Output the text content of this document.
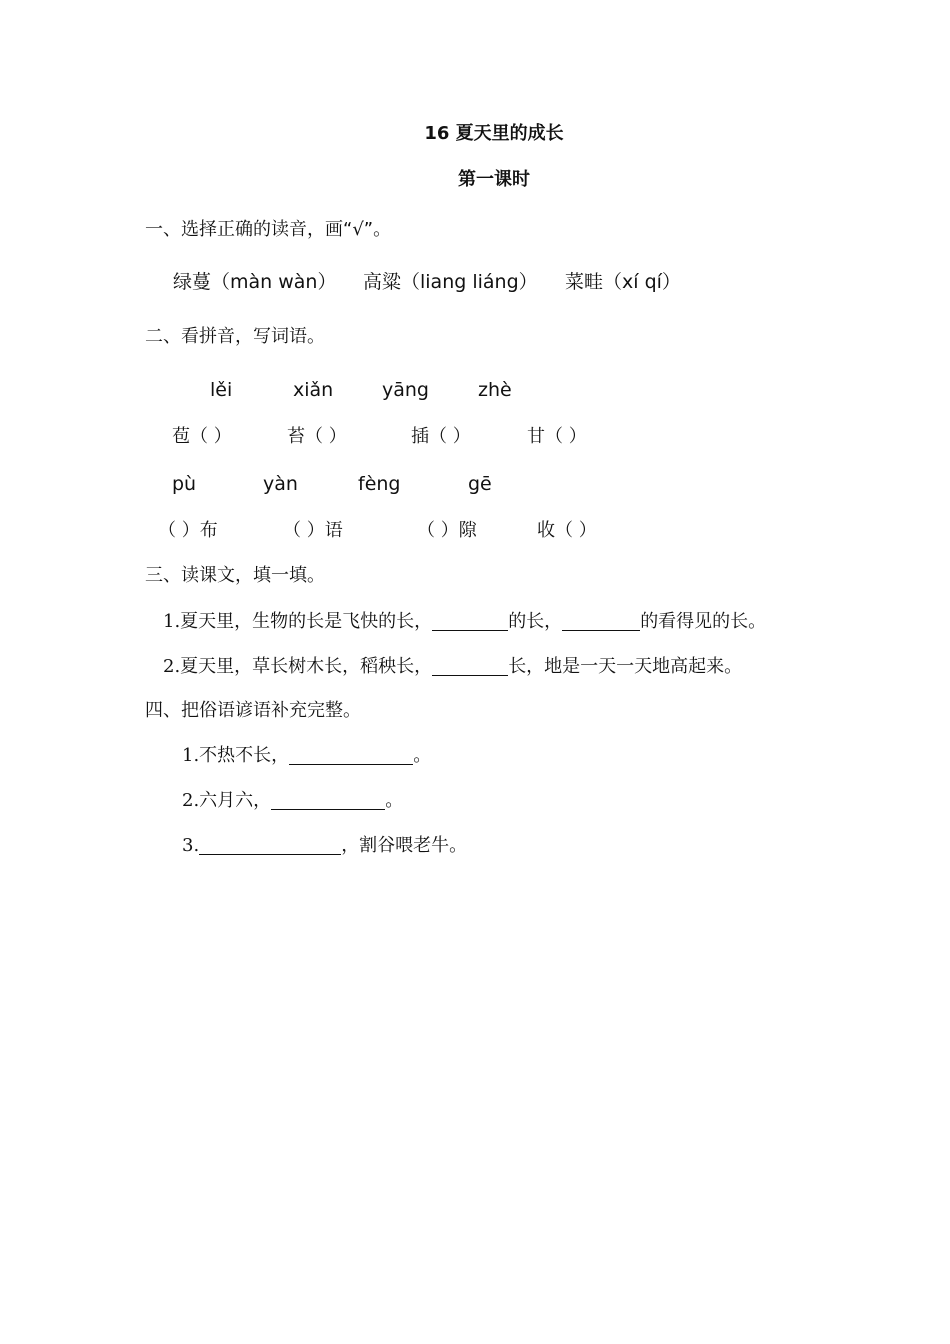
16 夏天里的成长
第一课时
一、选择正确的读音，画“√”。
绿蔓（màn wàn） 高粱（liang liáng） 菜畦（xí qí）
二、看拼音，写词语。
lěi	xiǎn	yāng	zhè
苞（ ）	苔（ ）	插（ ）	甘（ ）
pù	yàn	fèng	gē
（ ）布	（ ）语	（ ）隙	收（ ）
三、读课文，填一填。
1.夏天里，生物的长是飞快的长，	的长，	的看得见的长。
2.夏天里，草长树木长，稻秧长，	长，地是一天一天地高起来。
四、把俗语谚语补充完整。
1.不热不长，	。
2.六月六，	。
3.	，割谷喂老牛。
